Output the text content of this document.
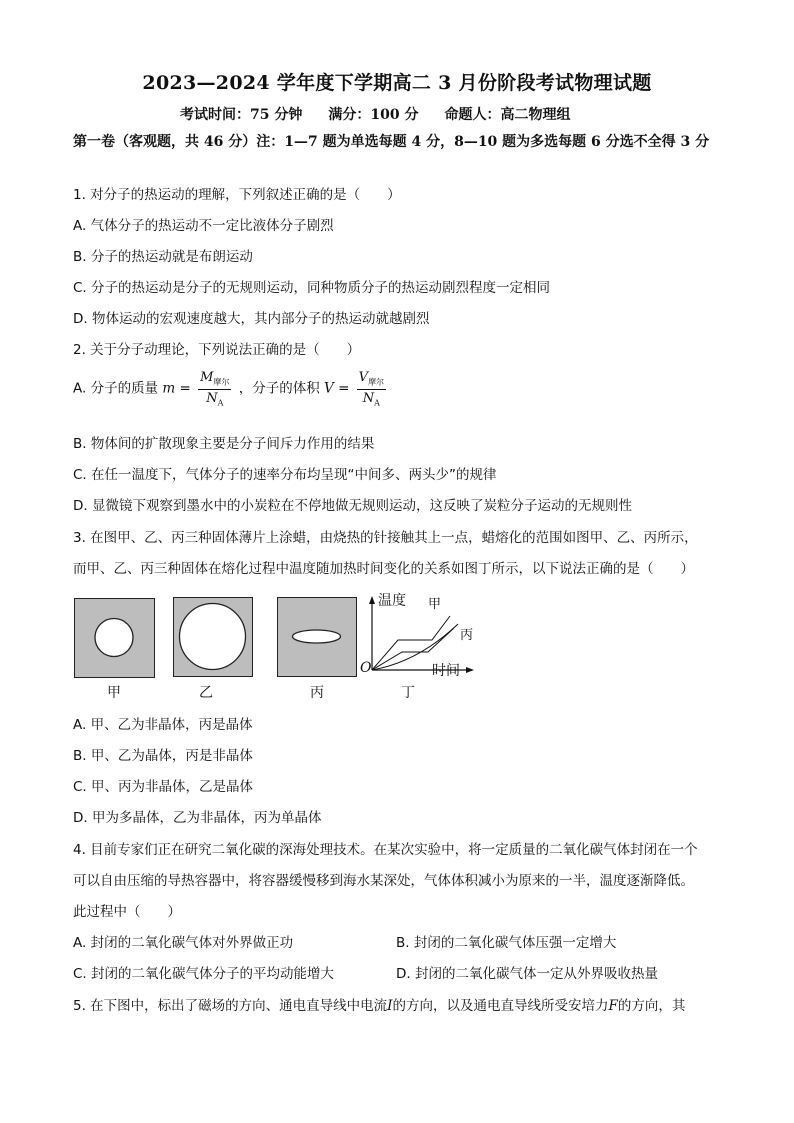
2023—2024 学年度下学期高二 3 月份阶段考试物理试题
考试时间：75 分钟 满分：100 分 命题人：高二物理组
第一卷（客观题，共 46 分）注：1—7 题为单选每题 4 分，8—10 题为多选每题 6 分选不全得 3 分
1. 对分子的热运动的理解，下列叙述正确的是（　　）
A. 气体分子的热运动不一定比液体分子剧烈
B. 分子的热运动就是布朗运动
C. 分子的热运动是分子的无规则运动，同种物质分子的热运动剧烈程度一定相同
D. 物体运动的宏观速度越大，其内部分子的热运动就越剧烈
2. 关于分子动理论，下列说法正确的是（　　）
A. 分子的质量 $m = \frac{M_{摩尔}}{N_A}$ ，分子的体积 $V = \frac{V_{摩尔}}{N_A}$
B. 物体间的扩散现象主要是分子间斥力作用的结果
C. 在任一温度下，气体分子的速率分布均呈现“中间多、两头少”的规律
D. 显微镜下观察到墨水中的小炭粒在不停地做无规则运动，这反映了炭粒分子运动的无规则性
3. 在图甲、乙、丙三种固体薄片上涂蜡，由烧热的针接触其上一点，蜡熔化的范围如图甲、乙、丙所示，
而甲、乙、丙三种固体在熔化过程中温度随加热时间变化的关系如图丁所示，以下说法正确的是（　　）
甲	乙	丙
温度 甲
丙
O	时间
丁
A. 甲、乙为非晶体，丙是晶体
B. 甲、乙为晶体，丙是非晶体
C. 甲、丙为非晶体，乙是晶体
D. 甲为多晶体，乙为非晶体，丙为单晶体
4. 目前专家们正在研究二氧化碳的深海处理技术。在某次实验中，将一定质量的二氧化碳气体封闭在一个
可以自由压缩的导热容器中，将容器缓慢移到海水某深处，气体体积减小为原来的一半，温度逐渐降低。
此过程中（　　）
A. 封闭的二氧化碳气体对外界做正功	B. 封闭的二氧化碳气体压强一定增大
C. 封闭的二氧化碳气体分子的平均动能增大	D. 封闭的二氧化碳气体一定从外界吸收热量
5. 在下图中，标出了磁场的方向、通电直导线中电流I的方向，以及通电直导线所受安培力F的方向，其
